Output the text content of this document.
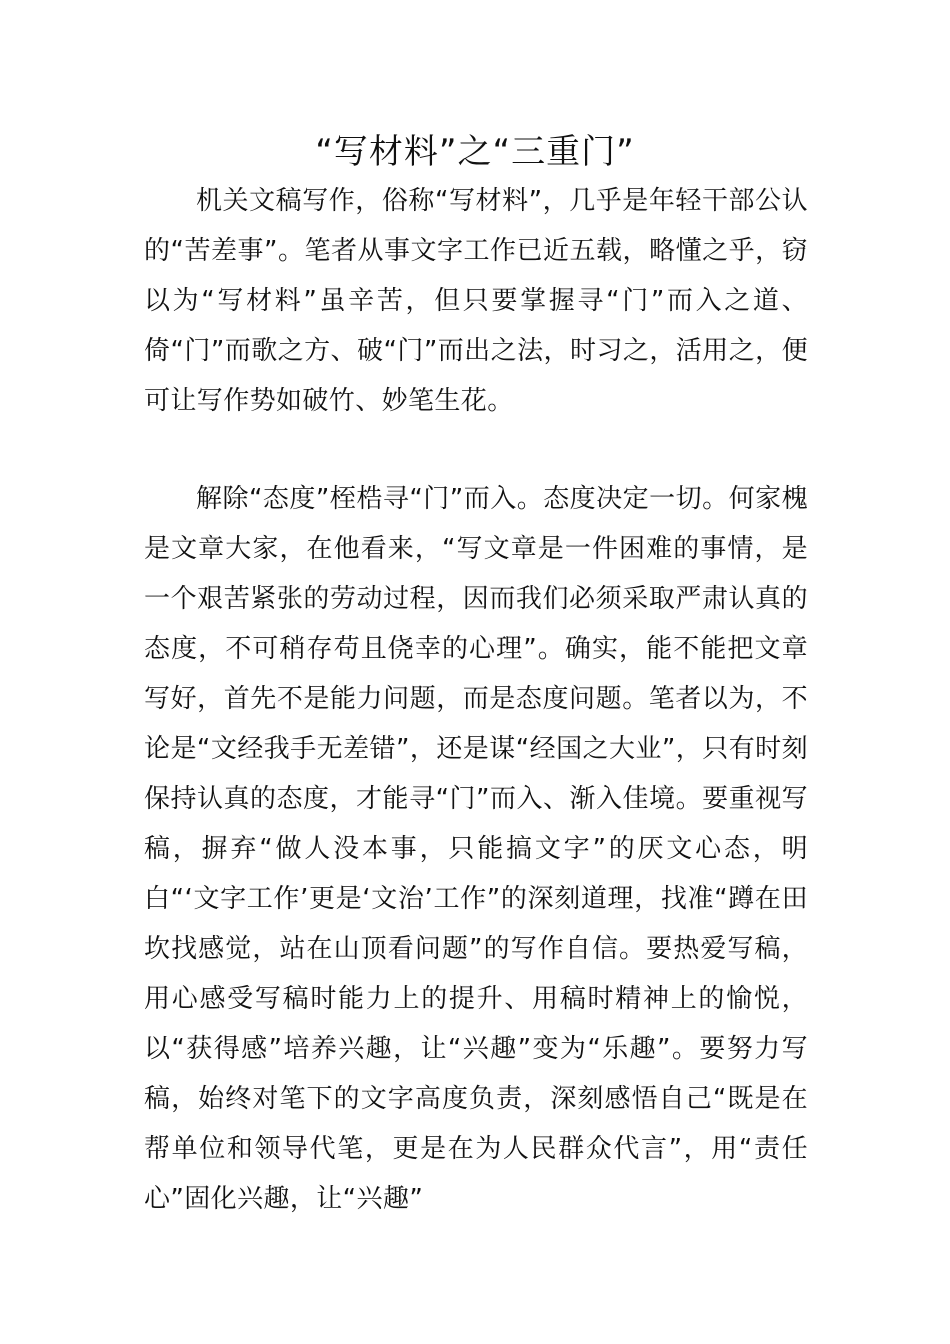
“写材料”之“三重门”

机关文稿写作，俗称“写材料”，几乎是年轻干部公认的“苦差事”。笔者从事文字工作已近五载，略懂之乎，窃以为“写材料”虽辛苦，但只要掌握寻“门”而入之道、倚“门”而歌之方、破“门”而出之法，时习之，活用之，便可让写作势如破竹、妙笔生花。

解除“态度”桎梏寻“门”而入。态度决定一切。何家槐是文章大家，在他看来，“写文章是一件困难的事情，是一个艰苦紧张的劳动过程，因而我们必须采取严肃认真的态度，不可稍存苟且侥幸的心理”。确实，能不能把文章写好，首先不是能力问题，而是态度问题。笔者以为，不论是“文经我手无差错”，还是谋“经国之大业”，只有时刻保持认真的态度，才能寻“门”而入、渐入佳境。要重视写稿，摒弃“做人没本事，只能搞文字”的厌文心态，明白“‘文字工作’更是‘文治’工作”的深刻道理，找准“蹲在田坎找感觉，站在山顶看问题”的写作自信。要热爱写稿，用心感受写稿时能力上的提升、用稿时精神上的愉悦，以“获得感”培养兴趣，让“兴趣”变为“乐趣”。要努力写稿，始终对笔下的文字高度负责，深刻感悟自己“既是在帮单位和领导代笔，更是在为人民群众代言”，用“责任心”固化兴趣，让“兴趣”
